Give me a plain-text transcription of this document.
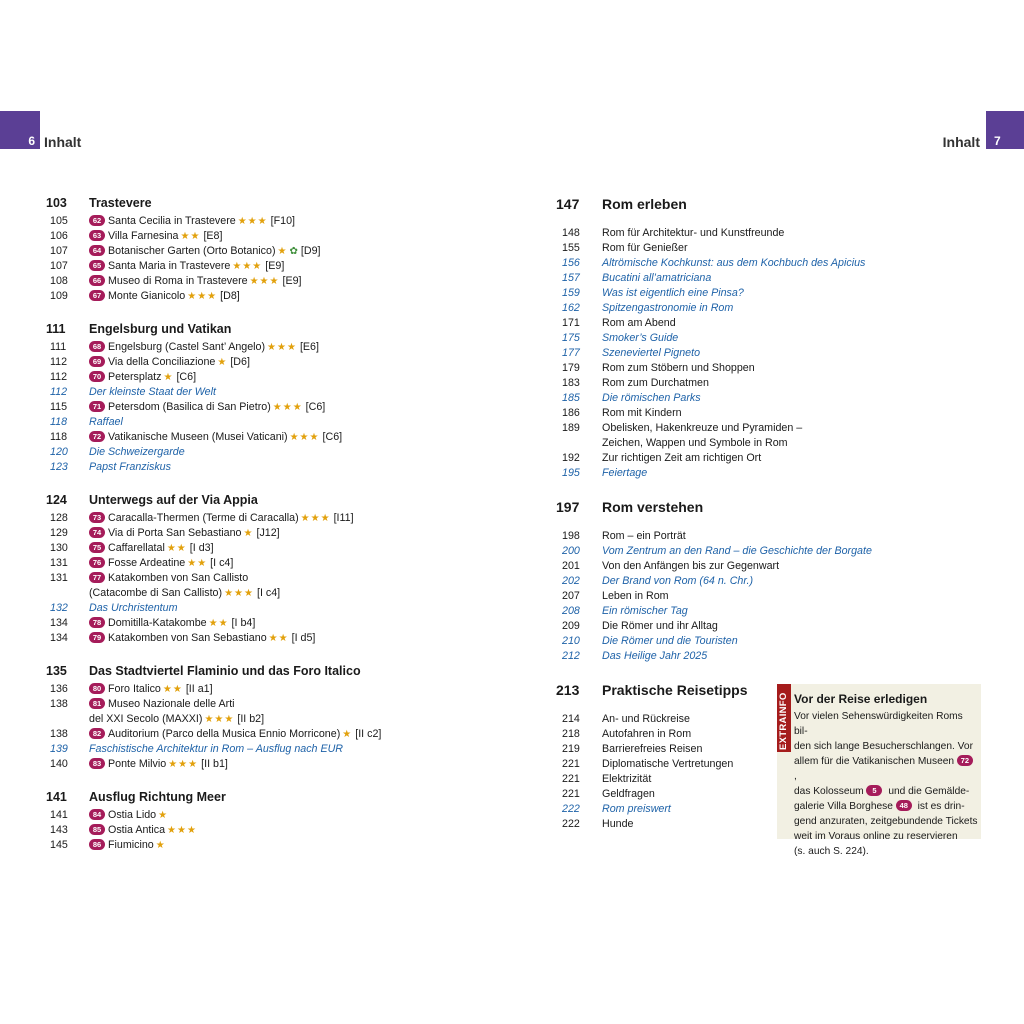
6 Inhalt	7
Inhalt
103	Trastevere
105	62 Santa Cecilia in Trastevere ★★★ [F10]
106	63 Villa Farnesina ★★ [E8]
107	64 Botanischer Garten (Orto Botanico) ★ ✿ [D9]
107	65 Santa Maria in Trastevere ★★★ [E9]
108	66 Museo di Roma in Trastevere ★★★ [E9]
109	67 Monte Gianicolo ★★★ [D8]
111	Engelsburg und Vatikan
111	68 Engelsburg (Castel Sant’ Angelo) ★★★ [E6]
112	69 Via della Conciliazione ★ [D6]
112	70 Petersplatz ★ [C6]
112	Der kleinste Staat der Welt
115	71 Petersdom (Basilica di San Pietro) ★★★ [C6]
118	Raffael
118	72 Vatikanische Museen (Musei Vaticani) ★★★ [C6]
120	Die Schweizergarde
123	Papst Franziskus
124	Unterwegs auf der Via Appia
128	73 Caracalla-Thermen (Terme di Caracalla) ★★★ [I11]
129	74 Via di Porta San Sebastiano ★ [J12]
130	75 Caffarellatal ★★ [I d3]
131	76 Fosse Ardeatine ★★ [I c4]
131	77 Katakomben von San Callisto
(Catacombe di San Callisto) ★★★ [I c4]
132	Das Urchristentum
134	78 Domitilla-Katakombe ★★ [I b4]
134	79 Katakomben von San Sebastiano ★★ [I d5]
135	Das Stadtviertel Flaminio und das Foro Italico
136	80 Foro Italico ★★ [II a1]
138	81 Museo Nazionale delle Arti
del XXI Secolo (MAXXI) ★★★ [II b2]
138	82 Auditorium (Parco della Musica Ennio Morricone) ★ [II c2]
139	Faschistische Architektur in Rom – Ausflug nach EUR
140	83 Ponte Milvio ★★★ [II b1]
141	Ausflug Richtung Meer
141	84 Ostia Lido ★
143	85 Ostia Antica ★★★
145	86 Fiumicino ★
147	Rom erleben
148	Rom für Architektur- und Kunstfreunde
155	Rom für Genießer
156	Altrömische Kochkunst: aus dem Kochbuch des Apicius
157	Bucatini all’amatriciana
159	Was ist eigentlich eine Pinsa?
162	Spitzengastronomie in Rom
171	Rom am Abend
175	Smoker’s Guide
177	Szeneviertel Pigneto
179	Rom zum Stöbern und Shoppen
183	Rom zum Durchatmen
185	Die römischen Parks
186	Rom mit Kindern
189	Obelisken, Hakenkreuze und Pyramiden –
Zeichen, Wappen und Symbole in Rom
192	Zur richtigen Zeit am richtigen Ort
195	Feiertage
197	Rom verstehen
198	Rom – ein Porträt
200	Vom Zentrum an den Rand – die Geschichte der Borgate
201	Von den Anfängen bis zur Gegenwart
202	Der Brand von Rom (64 n. Chr.)
207	Leben in Rom
208	Ein römischer Tag
209	Die Römer und ihr Alltag
210	Die Römer und die Touristen
212	Das Heilige Jahr 2025
213	Praktische Reisetipps
214	An- und Rückreise
218	Autofahren in Rom
219	Barrierefreies Reisen
221	Diplomatische Vertretungen
221	Elektrizität
221	Geldfragen
222	Rom preiswert
222	Hunde
EXTRAINFO Vor der Reise erledigen
Vor vielen Sehenswürdigkeiten Roms bil-
den sich lange Besucherschlangen. Vor
allem für die Vatikanischen Museen 72,
das Kolosseum 5 und die Gemälde-
galerie Villa Borghese 48 ist es drin-
gend anzuraten, zeitgebundende Tickets
weit im Voraus online zu reservieren
(s. auch S. 224).
